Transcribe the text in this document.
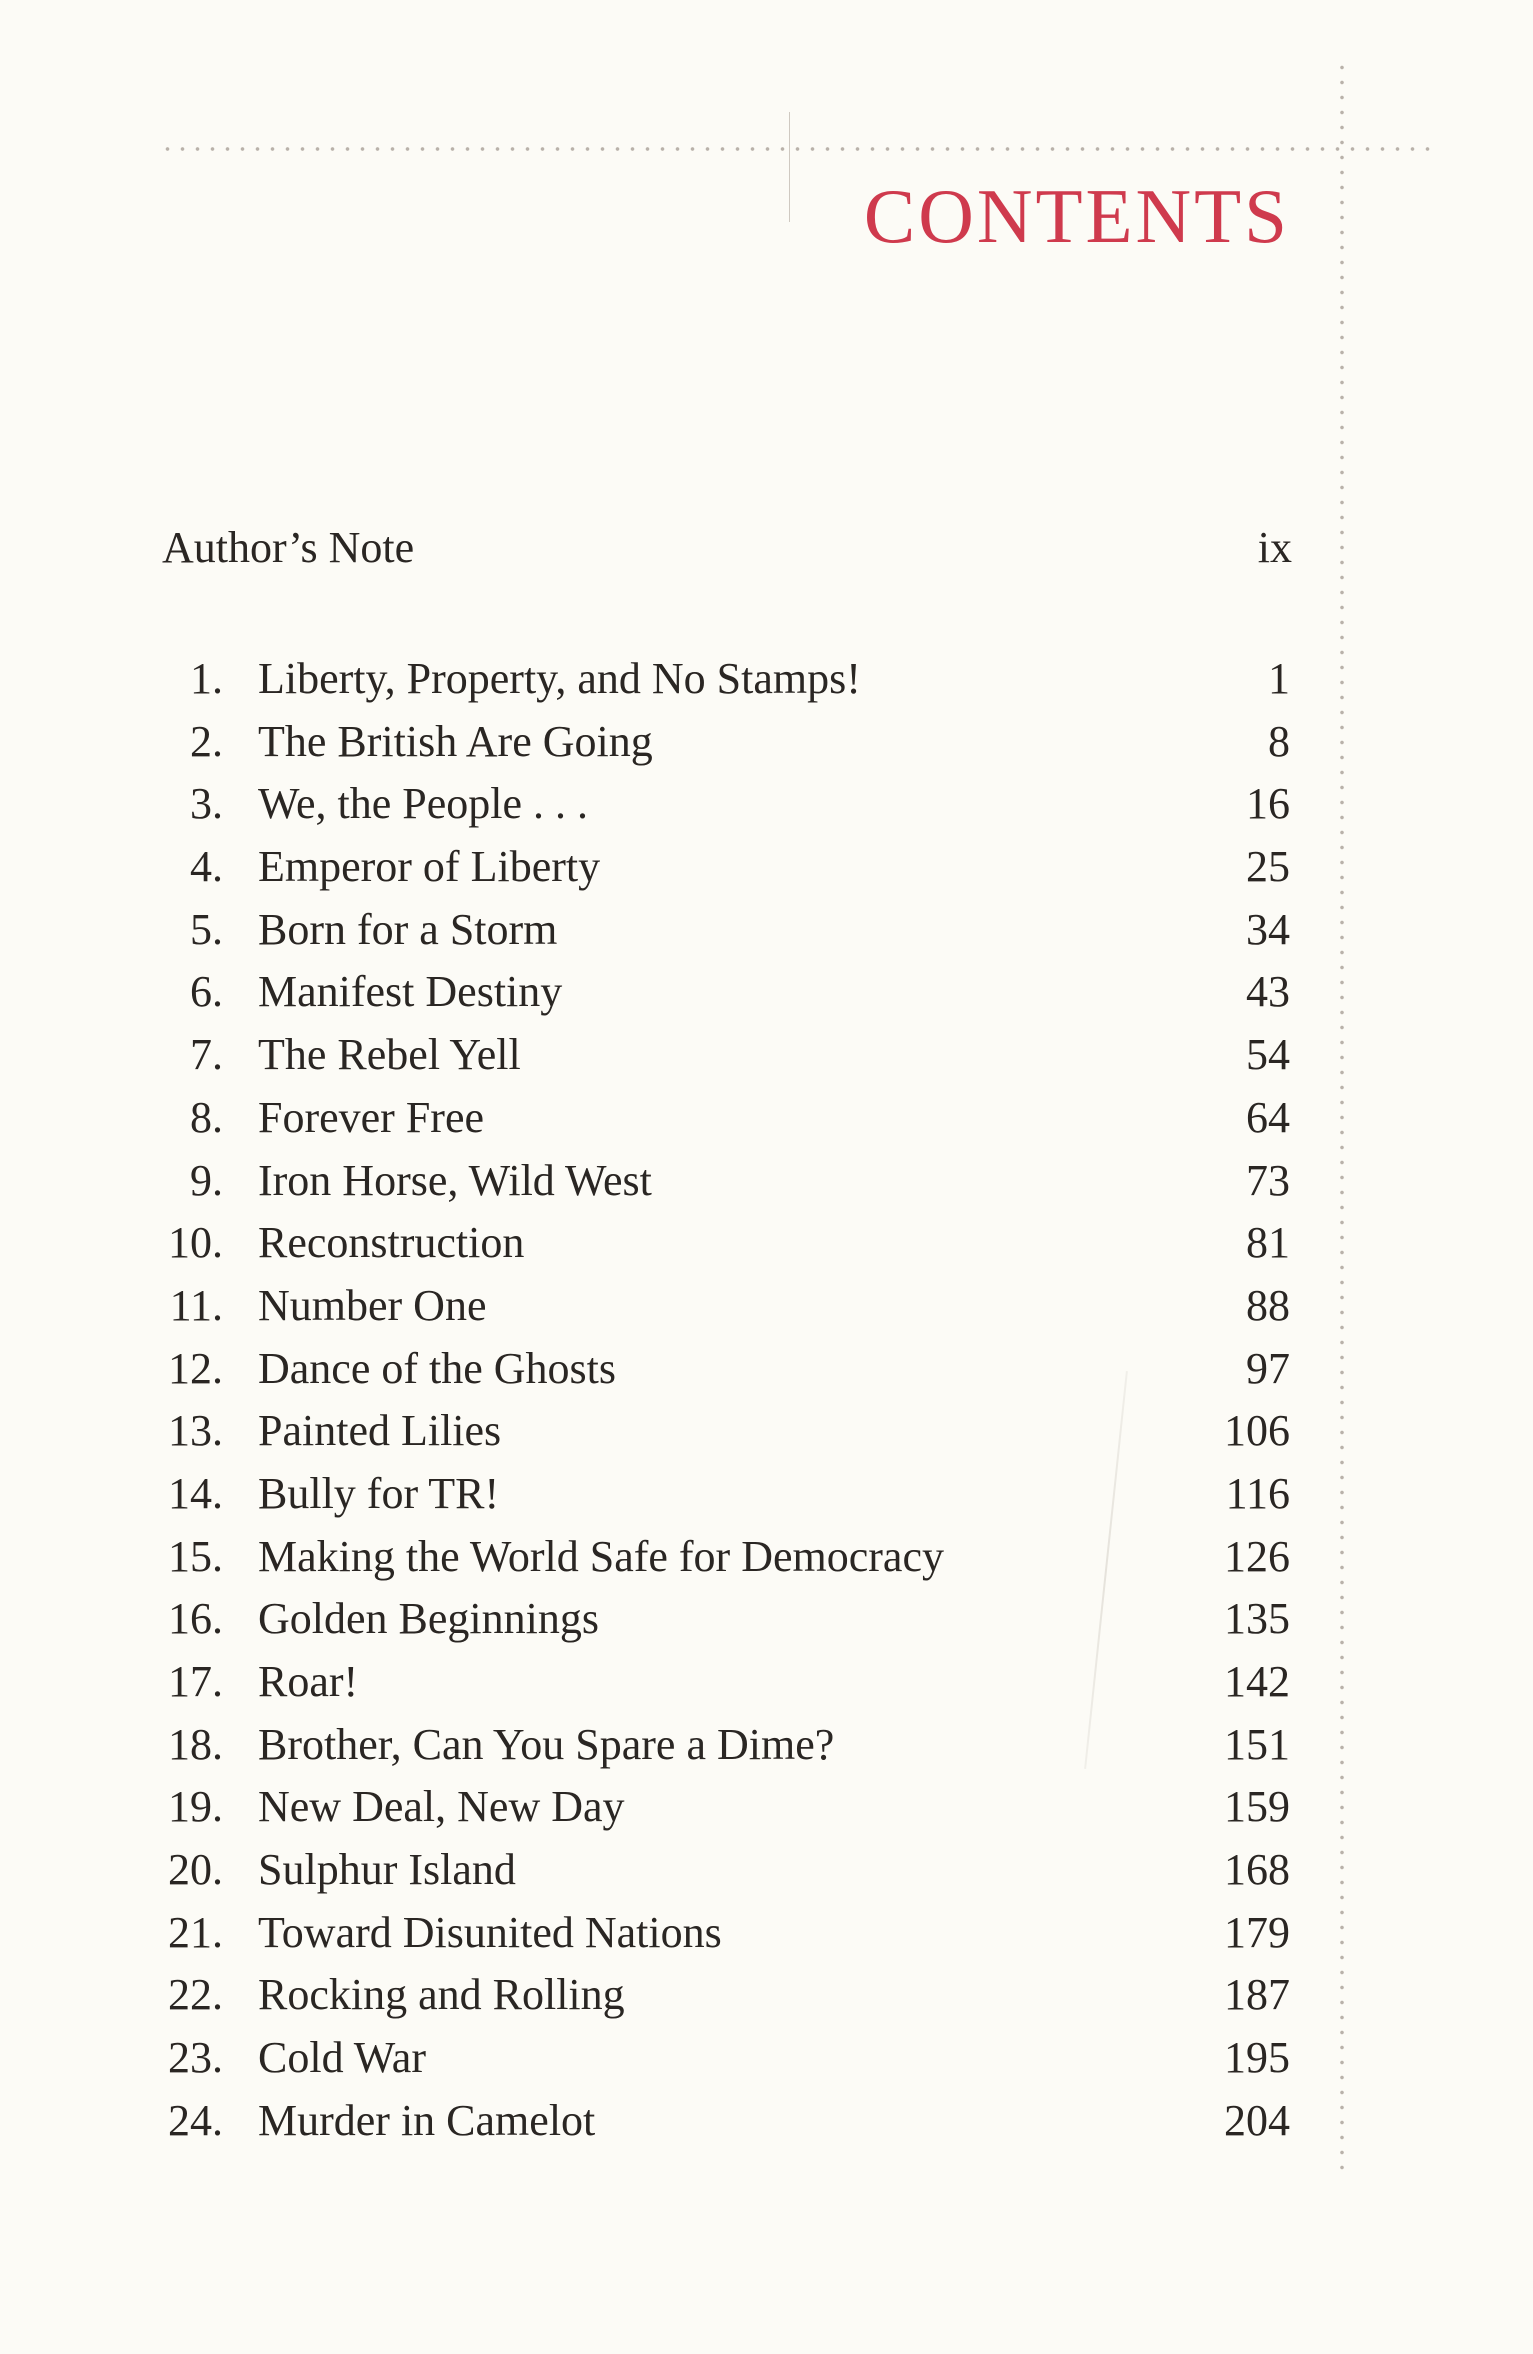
CONTENTS
Author’s Note	ix
1. Liberty, Property, and No Stamps!	1
2. The British Are Going	8
3. We, the People . . .	16
4. Emperor of Liberty	25
5. Born for a Storm	34
6. Manifest Destiny	43
7. The Rebel Yell	54
8. Forever Free	64
9. Iron Horse, Wild West	73
10. Reconstruction	81
11. Number One	88
12. Dance of the Ghosts	97
13. Painted Lilies	106
14. Bully for TR!	116
15. Making the World Safe for Democracy	126
16. Golden Beginnings	135
17. Roar!	142
18. Brother, Can You Spare a Dime?	151
19. New Deal, New Day	159
20. Sulphur Island	168
21. Toward Disunited Nations	179
22. Rocking and Rolling	187
23. Cold War	195
24. Murder in Camelot	204
